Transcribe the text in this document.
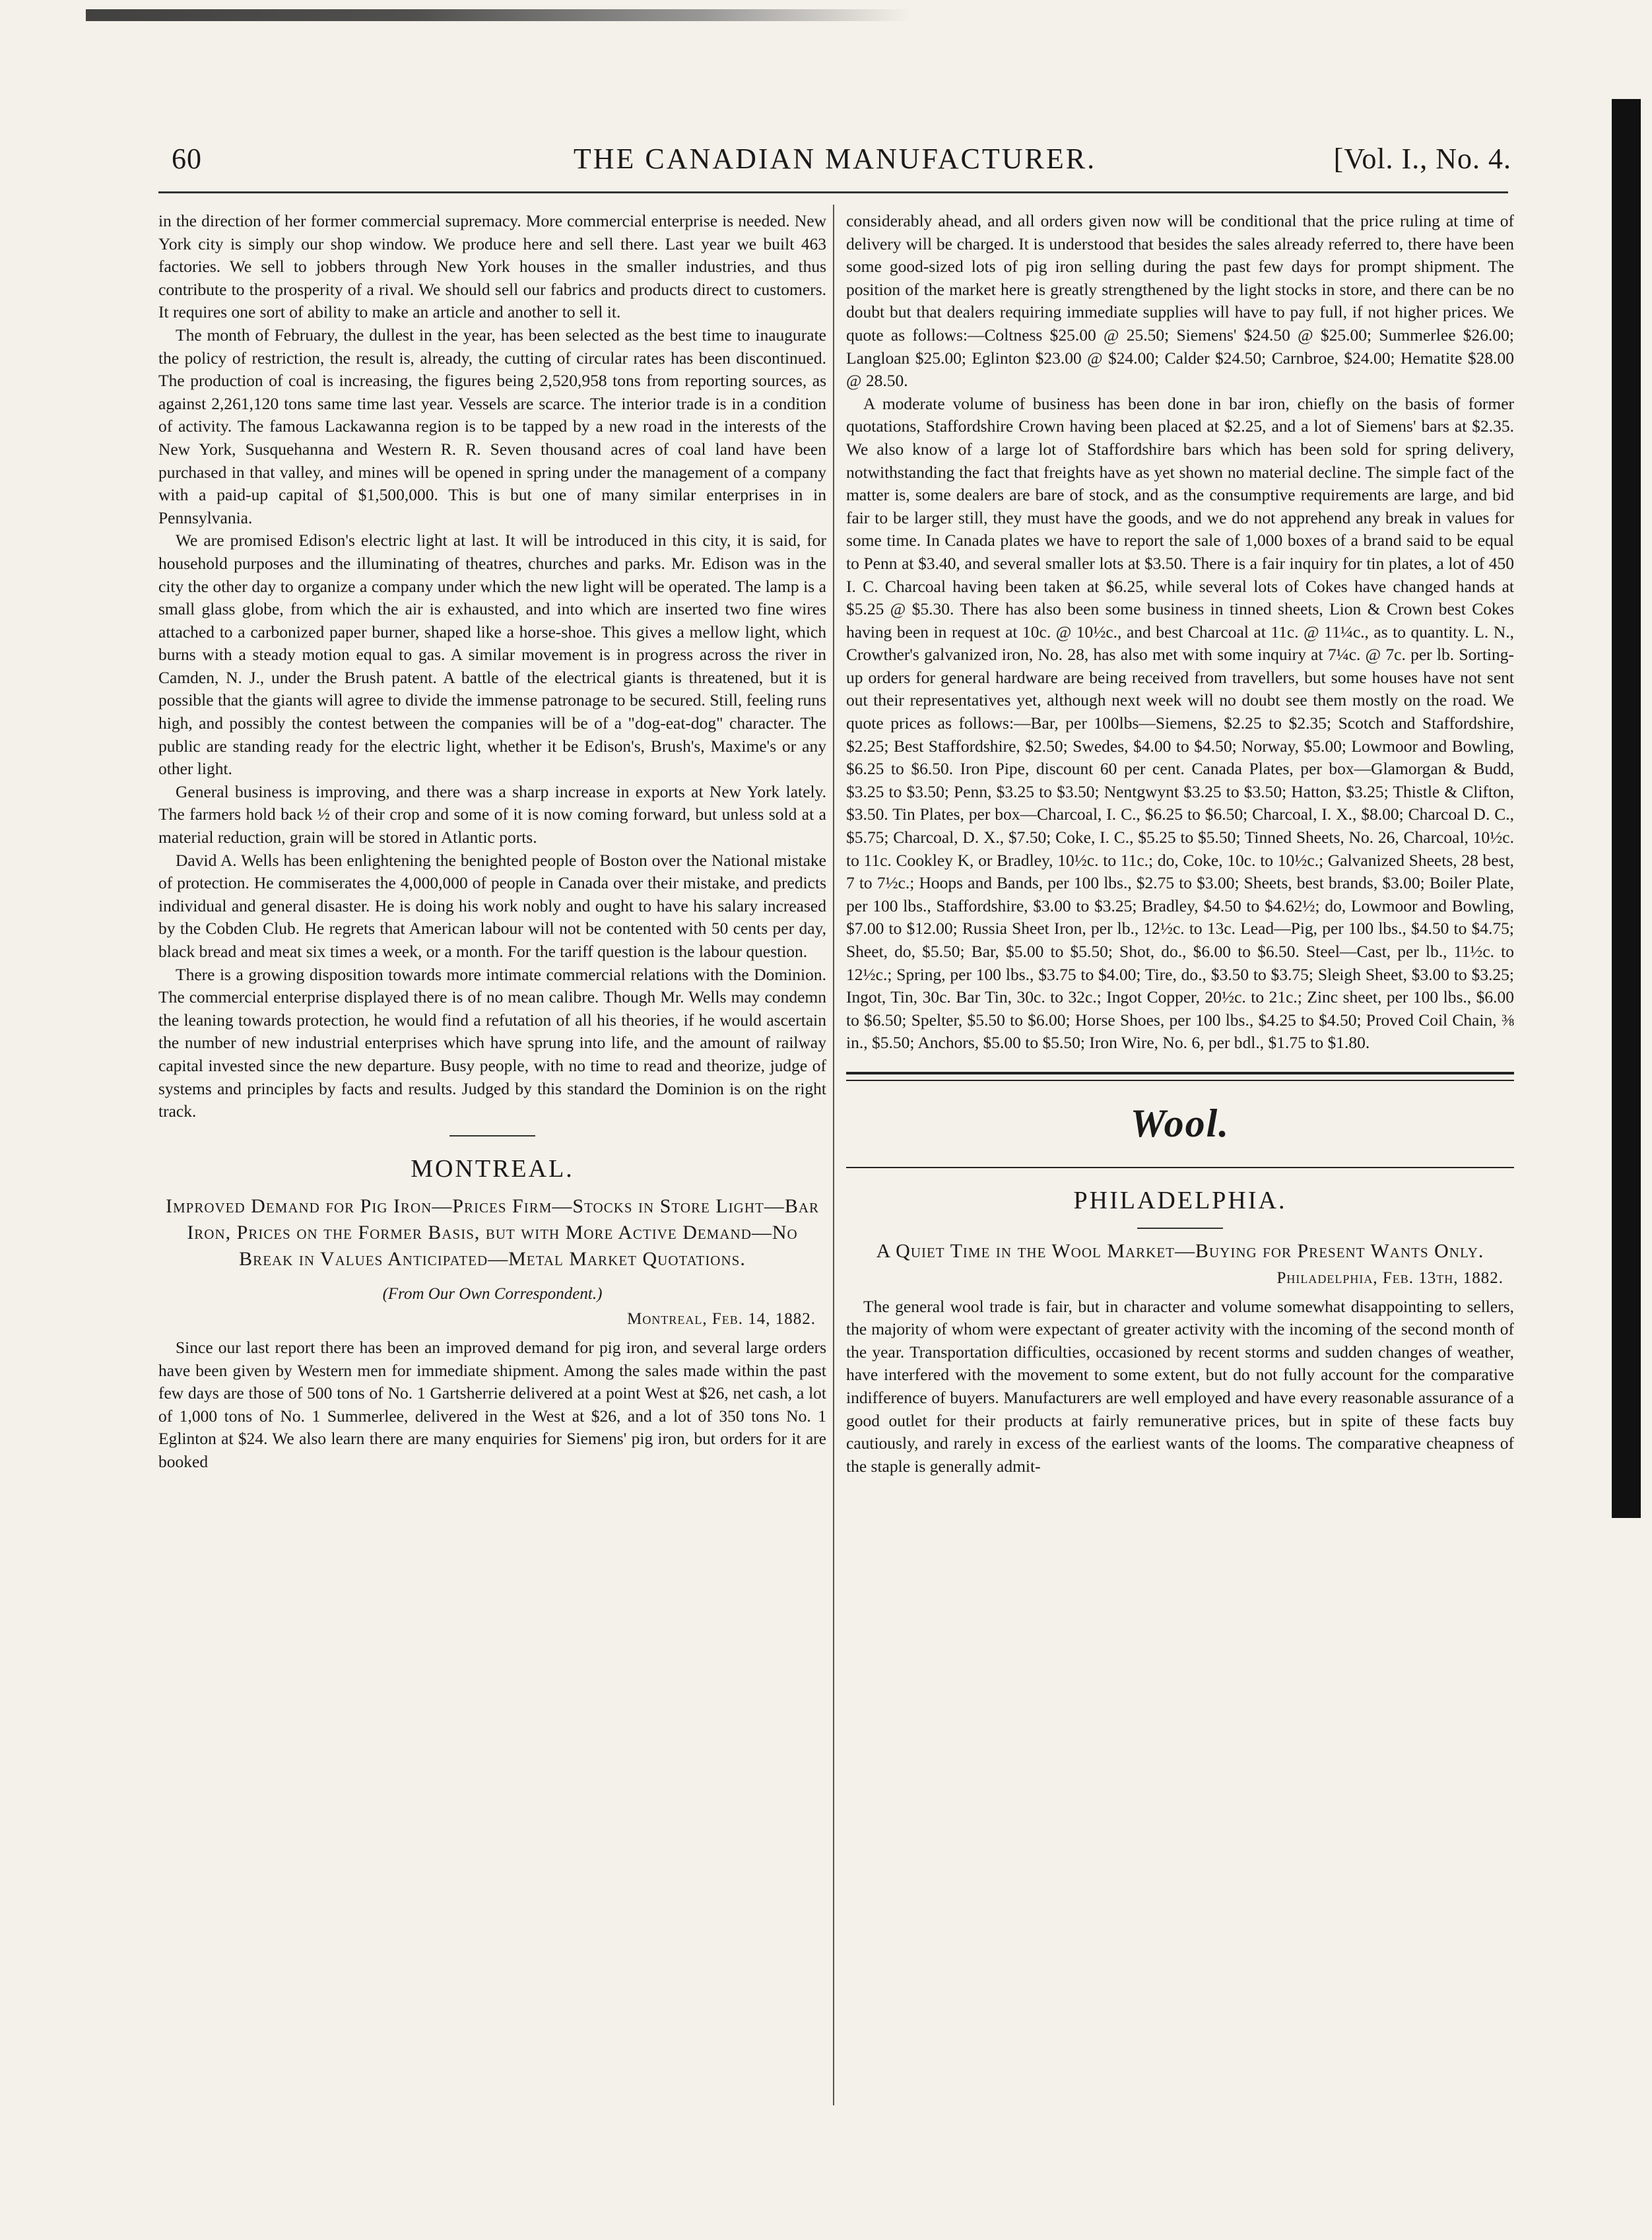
THE CANADIAN MANUFACTURER.
60	[Vol. I., No. 4.

in the direction of her former commercial supremacy. More commercial enterprise is needed. New York city is simply our shop window. We produce here and sell there. Last year we built 463 factories. We sell to jobbers through New York houses in the smaller industries, and thus contribute to the prosperity of a rival. We should sell our fabrics and products direct to customers. It requires one sort of ability to make an article and another to sell it.

The month of February, the dullest in the year, has been selected as the best time to inaugurate the policy of restriction, the result is, already, the cutting of circular rates has been discontinued. The production of coal is increasing, the figures being 2,520,958 tons from reporting sources, as against 2,261,120 tons same time last year. Vessels are scarce. The interior trade is in a condition of activity. The famous Lackawanna region is to be tapped by a new road in the interests of the New York, Susquehanna and Western R. R. Seven thousand acres of coal land have been purchased in that valley, and mines will be opened in spring under the management of a company with a paid-up capital of $1,500,000. This is but one of many similar enterprises in in Pennsylvania.

We are promised Edison's electric light at last. It will be introduced in this city, it is said, for household purposes and the illuminating of theatres, churches and parks. Mr. Edison was in the city the other day to organize a company under which the new light will be operated. The lamp is a small glass globe, from which the air is exhausted, and into which are inserted two fine wires attached to a carbonized paper burner, shaped like a horse-shoe. This gives a mellow light, which burns with a steady motion equal to gas. A similar movement is in progress across the river in Camden, N. J., under the Brush patent. A battle of the electrical giants is threatened, but it is possible that the giants will agree to divide the immense patronage to be secured. Still, feeling runs high, and possibly the contest between the companies will be of a "dog-eat-dog" character. The public are standing ready for the electric light, whether it be Edison's, Brush's, Maxime's or any other light.

General business is improving, and there was a sharp increase in exports at New York lately. The farmers hold back ½ of their crop and some of it is now coming forward, but unless sold at a material reduction, grain will be stored in Atlantic ports.

David A. Wells has been enlightening the benighted people of Boston over the National mistake of protection. He commiserates the 4,000,000 of people in Canada over their mistake, and predicts individual and general disaster. He is doing his work nobly and ought to have his salary increased by the Cobden Club. He regrets that American labour will not be contented with 50 cents per day, black bread and meat six times a week, or a month. For the tariff question is the labour question.

There is a growing disposition towards more intimate commercial relations with the Dominion. The commercial enterprise displayed there is of no mean calibre. Though Mr. Wells may condemn the leaning towards protection, he would find a refutation of all his theories, if he would ascertain the number of new industrial enterprises which have sprung into life, and the amount of railway capital invested since the new departure. Busy people, with no time to read and theorize, judge of systems and principles by facts and results. Judged by this standard the Dominion is on the right track.

MONTREAL.
Improved Demand for Pig Iron—Prices Firm—Stocks in Store Light—Bar Iron, Prices on the Former Basis, but with More Active Demand—No Break in Values Anticipated—Metal Market Quotations.
(From Our Own Correspondent.)
Montreal, Feb. 14, 1882.

Since our last report there has been an improved demand for pig iron, and several large orders have been given by Western men for immediate shipment. Among the sales made within the past few days are those of 500 tons of No. 1 Gartsherrie delivered at a point West at $26, net cash, a lot of 1,000 tons of No. 1 Summerlee, delivered in the West at $26, and a lot of 350 tons No. 1 Eglinton at $24. We also learn there are many enquiries for Siemens' pig iron, but orders for it are booked

considerably ahead, and all orders given now will be conditional that the price ruling at time of delivery will be charged. It is understood that besides the sales already referred to, there have been some good-sized lots of pig iron selling during the past few days for prompt shipment. The position of the market here is greatly strengthened by the light stocks in store, and there can be no doubt but that dealers requiring immediate supplies will have to pay full, if not higher prices. We quote as follows:—Coltness $25.00 @ 25.50; Siemens' $24.50 @ $25.00; Summerlee $26.00; Langloan $25.00; Eglinton $23.00 @ $24.00; Calder $24.50; Carnbroe, $24.00; Hematite $28.00 @ 28.50.

A moderate volume of business has been done in bar iron, chiefly on the basis of former quotations, Staffordshire Crown having been placed at $2.25, and a lot of Siemens' bars at $2.35. We also know of a large lot of Staffordshire bars which has been sold for spring delivery, notwithstanding the fact that freights have as yet shown no material decline. The simple fact of the matter is, some dealers are bare of stock, and as the consumptive requirements are large, and bid fair to be larger still, they must have the goods, and we do not apprehend any break in values for some time. In Canada plates we have to report the sale of 1,000 boxes of a brand said to be equal to Penn at $3.40, and several smaller lots at $3.50. There is a fair inquiry for tin plates, a lot of 450 I. C. Charcoal having been taken at $6.25, while several lots of Cokes have changed hands at $5.25 @ $5.30. There has also been some business in tinned sheets, Lion & Crown best Cokes having been in request at 10c. @ 10½c., and best Charcoal at 11c. @ 11¼c., as to quantity. L. N., Crowther's galvanized iron, No. 28, has also met with some inquiry at 7¼c. @ 7c. per lb. Sorting-up orders for general hardware are being received from travellers, but some houses have not sent out their representatives yet, although next week will no doubt see them mostly on the road. We quote prices as follows:—Bar, per 100lbs—Siemens, $2.25 to $2.35; Scotch and Staffordshire, $2.25; Best Staffordshire, $2.50; Swedes, $4.00 to $4.50; Norway, $5.00; Lowmoor and Bowling, $6.25 to $6.50. Iron Pipe, discount 60 per cent. Canada Plates, per box—Glamorgan & Budd, $3.25 to $3.50; Penn, $3.25 to $3.50; Nentgwynt $3.25 to $3.50; Hatton, $3.25; Thistle & Clifton, $3.50. Tin Plates, per box—Charcoal, I. C., $6.25 to $6.50; Charcoal, I. X., $8.00; Charcoal D. C., $5.75; Charcoal, D. X., $7.50; Coke, I. C., $5.25 to $5.50; Tinned Sheets, No. 26, Charcoal, 10½c. to 11c. Cookley K, or Bradley, 10½c. to 11c.; do, Coke, 10c. to 10½c.; Galvanized Sheets, 28 best, 7 to 7½c.; Hoops and Bands, per 100 lbs., $2.75 to $3.00; Sheets, best brands, $3.00; Boiler Plate, per 100 lbs., Staffordshire, $3.00 to $3.25; Bradley, $4.50 to $4.62½; do, Lowmoor and Bowling, $7.00 to $12.00; Russia Sheet Iron, per lb., 12½c. to 13c. Lead—Pig, per 100 lbs., $4.50 to $4.75; Sheet, do, $5.50; Bar, $5.00 to $5.50; Shot, do., $6.00 to $6.50. Steel—Cast, per lb., 11½c. to 12½c.; Spring, per 100 lbs., $3.75 to $4.00; Tire, do., $3.50 to $3.75; Sleigh Sheet, $3.00 to $3.25; Ingot, Tin, 30c. Bar Tin, 30c. to 32c.; Ingot Copper, 20½c. to 21c.; Zinc sheet, per 100 lbs., $6.00 to $6.50; Spelter, $5.50 to $6.00; Horse Shoes, per 100 lbs., $4.25 to $4.50; Proved Coil Chain, ⅜ in., $5.50; Anchors, $5.00 to $5.50; Iron Wire, No. 6, per bdl., $1.75 to $1.80.

Wool.
PHILADELPHIA.
A Quiet Time in the Wool Market—Buying for Present Wants Only.
Philadelphia, Feb. 13th, 1882.

The general wool trade is fair, but in character and volume somewhat disappointing to sellers, the majority of whom were expectant of greater activity with the incoming of the second month of the year. Transportation difficulties, occasioned by recent storms and sudden changes of weather, have interfered with the movement to some extent, but do not fully account for the comparative indifference of buyers. Manufacturers are well employed and have every reasonable assurance of a good outlet for their products at fairly remunerative prices, but in spite of these facts buy cautiously, and rarely in excess of the earliest wants of the looms. The comparative cheapness of the staple is generally admit-
